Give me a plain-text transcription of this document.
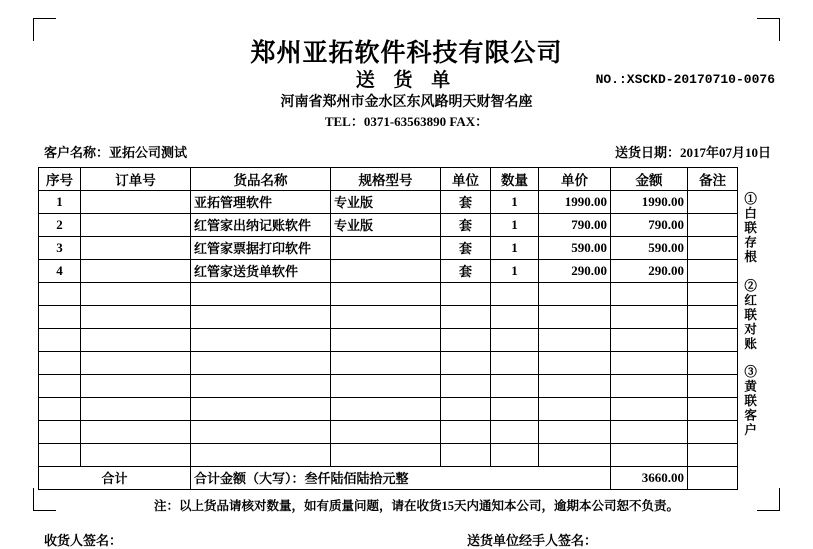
郑州亚拓软件科技有限公司
送 货 单
河南省郑州市金水区东风路明天财智名座
TEL：0371-63563890 FAX：
NO.:XSCKD-20170710-0076
客户名称：亚拓公司测试	送货日期：2017年07月10日
序号	订单号	货品名称	规格型号	单位	数量	单价	金额	备注
1		亚拓管理软件	专业版	套	1	1990.00	1990.00	
2		红管家出纳记账软件	专业版	套	1	790.00	790.00	
3		红管家票据打印软件		套	1	590.00	590.00	
4		红管家送货单软件		套	1	290.00	290.00	

合计		合计金额（大写）：叁仟陆佰陆拾元整					3660.00	
注：以上货品请核对数量，如有质量问题，请在收货15天内通知本公司，逾期本公司恕不负责。
收货人签名：	送货单位经手人签名：
①白联存根
②红联对账
③黄联客户
